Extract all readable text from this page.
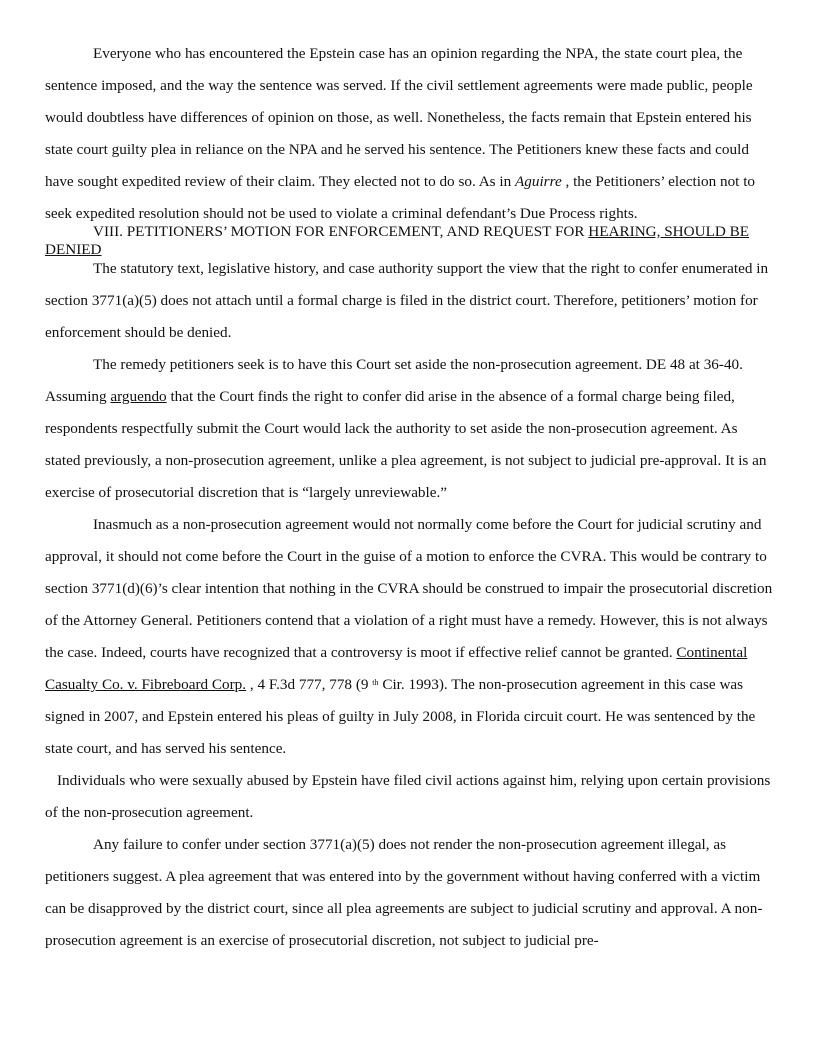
Everyone who has encountered the Epstein case has an opinion regarding the NPA, the state court plea, the sentence imposed, and the way the sentence was served. If the civil settlement agreements were made public, people would doubtless have differences of opinion on those, as well. Nonetheless, the facts remain that Epstein entered his state court guilty plea in reliance on the NPA and he served his sentence. The Petitioners knew these facts and could have sought expedited review of their claim. They elected not to do so. As in Aguirre , the Petitioners’ election not to seek expedited resolution should not be used to violate a criminal defendant’s Due Process rights.

VIII. PETITIONERS’ MOTION FOR ENFORCEMENT, AND REQUEST FOR HEARING, SHOULD BE DENIED

The statutory text, legislative history, and case authority support the view that the right to confer enumerated in section 3771(a)(5) does not attach until a formal charge is filed in the district court. Therefore, petitioners’ motion for enforcement should be denied.

The remedy petitioners seek is to have this Court set aside the non-prosecution agreement. DE 48 at 36-40. Assuming arguendo that the Court finds the right to confer did arise in the absence of a formal charge being filed, respondents respectfully submit the Court would lack the authority to set aside the non-prosecution agreement. As stated previously, a non-prosecution agreement, unlike a plea agreement, is not subject to judicial pre-approval. It is an exercise of prosecutorial discretion that is “largely unreviewable.”

Inasmuch as a non-prosecution agreement would not normally come before the Court for judicial scrutiny and approval, it should not come before the Court in the guise of a motion to enforce the CVRA. This would be contrary to section 3771(d)(6)’s clear intention that nothing in the CVRA should be construed to impair the prosecutorial discretion of the Attorney General. Petitioners contend that a violation of a right must have a remedy. However, this is not always the case. Indeed, courts have recognized that a controversy is moot if effective relief cannot be granted. Continental Casualty Co. v. Fibreboard Corp. , 4 F.3d 777, 778 (9 $^{th}$ Cir. 1993). The non-prosecution agreement in this case was signed in 2007, and Epstein entered his pleas of guilty in July 2008, in Florida circuit court. He was sentenced by the state court, and has served his sentence.

Individuals who were sexually abused by Epstein have filed civil actions against him, relying upon certain provisions of the non-prosecution agreement.

Any failure to confer under section 3771(a)(5) does not render the non-prosecution agreement illegal, as petitioners suggest. A plea agreement that was entered into by the government without having conferred with a victim can be disapproved by the district court, since all plea agreements are subject to judicial scrutiny and approval. A non-prosecution agreement is an exercise of prosecutorial discretion, not subject to judicial pre-
